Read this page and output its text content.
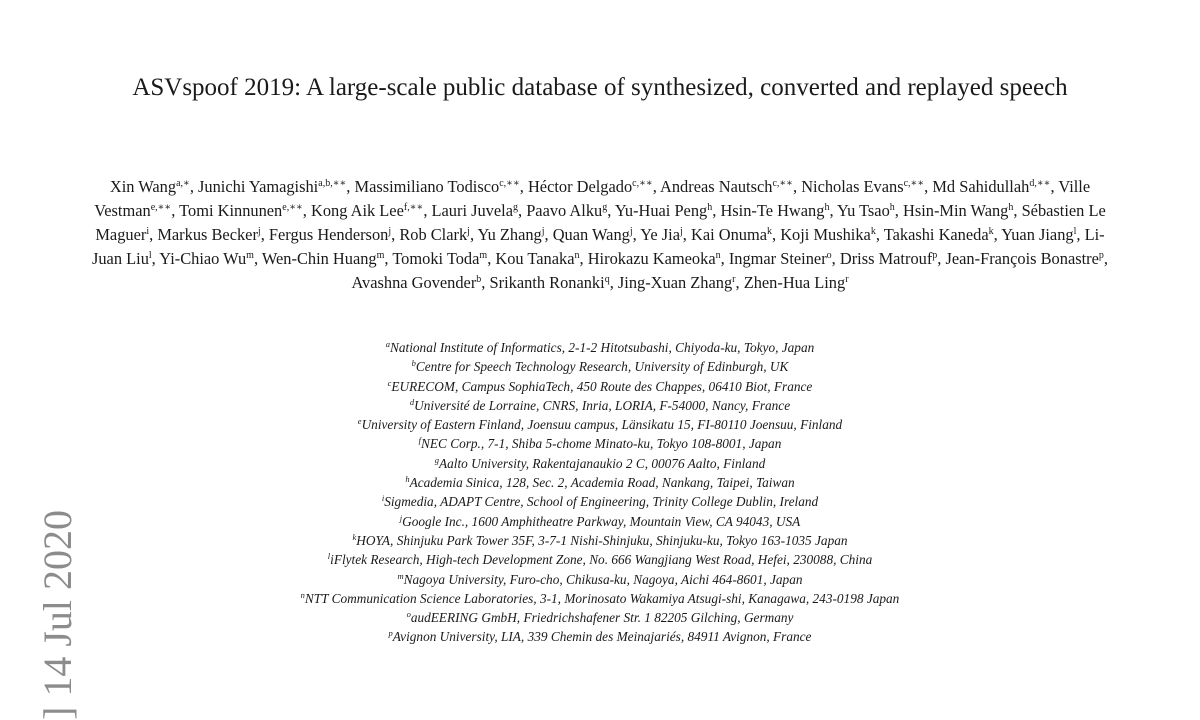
ASVspoof 2019: A large-scale public database of synthesized, converted and replayed speech
Xin Wang$^{a,∗}$, Junichi Yamagishi$^{a,b,∗∗}$, Massimiliano Todisco$^{c,∗∗}$, Héctor Delgado$^{c,∗∗}$, Andreas Nautsch$^{c,∗∗}$, Nicholas Evans$^{c,∗∗}$, Md Sahidullah$^{d,∗∗}$, Ville Vestman$^{e,∗∗}$, Tomi Kinnunen$^{e,∗∗}$, Kong Aik Lee$^{f,∗∗}$, Lauri Juvela$^g$, Paavo Alku$^g$, Yu-Huai Peng$^h$, Hsin-Te Hwang$^h$, Yu Tsao$^h$, Hsin-Min Wang$^h$, Sébastien Le Maguer$^i$, Markus Becker$^j$, Fergus Henderson$^j$, Rob Clark$^j$, Yu Zhang$^j$, Quan Wang$^j$, Ye Jia$^j$, Kai Onuma$^k$, Koji Mushika$^k$, Takashi Kaneda$^k$, Yuan Jiang$^l$, Li-Juan Liu$^l$, Yi-Chiao Wu$^m$, Wen-Chin Huang$^m$, Tomoki Toda$^m$, Kou Tanaka$^n$, Hirokazu Kameoka$^n$, Ingmar Steiner$^o$, Driss Matrouf$^p$, Jean-François Bonastre$^p$, Avashna Govender$^b$, Srikanth Ronanki$^q$, Jing-Xuan Zhang$^r$, Zhen-Hua Ling$^r$
$^a$National Institute of Informatics, 2-1-2 Hitotsubashi, Chiyoda-ku, Tokyo, Japan
$^b$Centre for Speech Technology Research, University of Edinburgh, UK
$^c$EURECOM, Campus SophiaTech, 450 Route des Chappes, 06410 Biot, France
$^d$Université de Lorraine, CNRS, Inria, LORIA, F-54000, Nancy, France
$^e$University of Eastern Finland, Joensuu campus, Länsikatu 15, FI-80110 Joensuu, Finland
$^f$NEC Corp., 7-1, Shiba 5-chome Minato-ku, Tokyo 108-8001, Japan
$^g$Aalto University, Rakentajanaukio 2 C, 00076 Aalto, Finland
$^h$Academia Sinica, 128, Sec. 2, Academia Road, Nankang, Taipei, Taiwan
$^i$Sigmedia, ADAPT Centre, School of Engineering, Trinity College Dublin, Ireland
$^j$Google Inc., 1600 Amphitheatre Parkway, Mountain View, CA 94043, USA
$^k$HOYA, Shinjuku Park Tower 35F, 3-7-1 Nishi-Shinjuku, Shinjuku-ku, Tokyo 163-1035 Japan
$^l$iFlytek Research, High-tech Development Zone, No. 666 Wangjiang West Road, Hefei, 230088, China
$^m$Nagoya University, Furo-cho, Chikusa-ku, Nagoya, Aichi 464-8601, Japan
$^n$NTT Communication Science Laboratories, 3-1, Morinosato Wakamiya Atsugi-shi, Kanagawa, 243-0198 Japan
$^o$audEERING GmbH, Friedrichshafener Str. 1 82205 Gilching, Germany
$^p$Avignon University, LIA, 339 Chemin des Meinajariés, 84911 Avignon, France
] 14 Jul 2020
